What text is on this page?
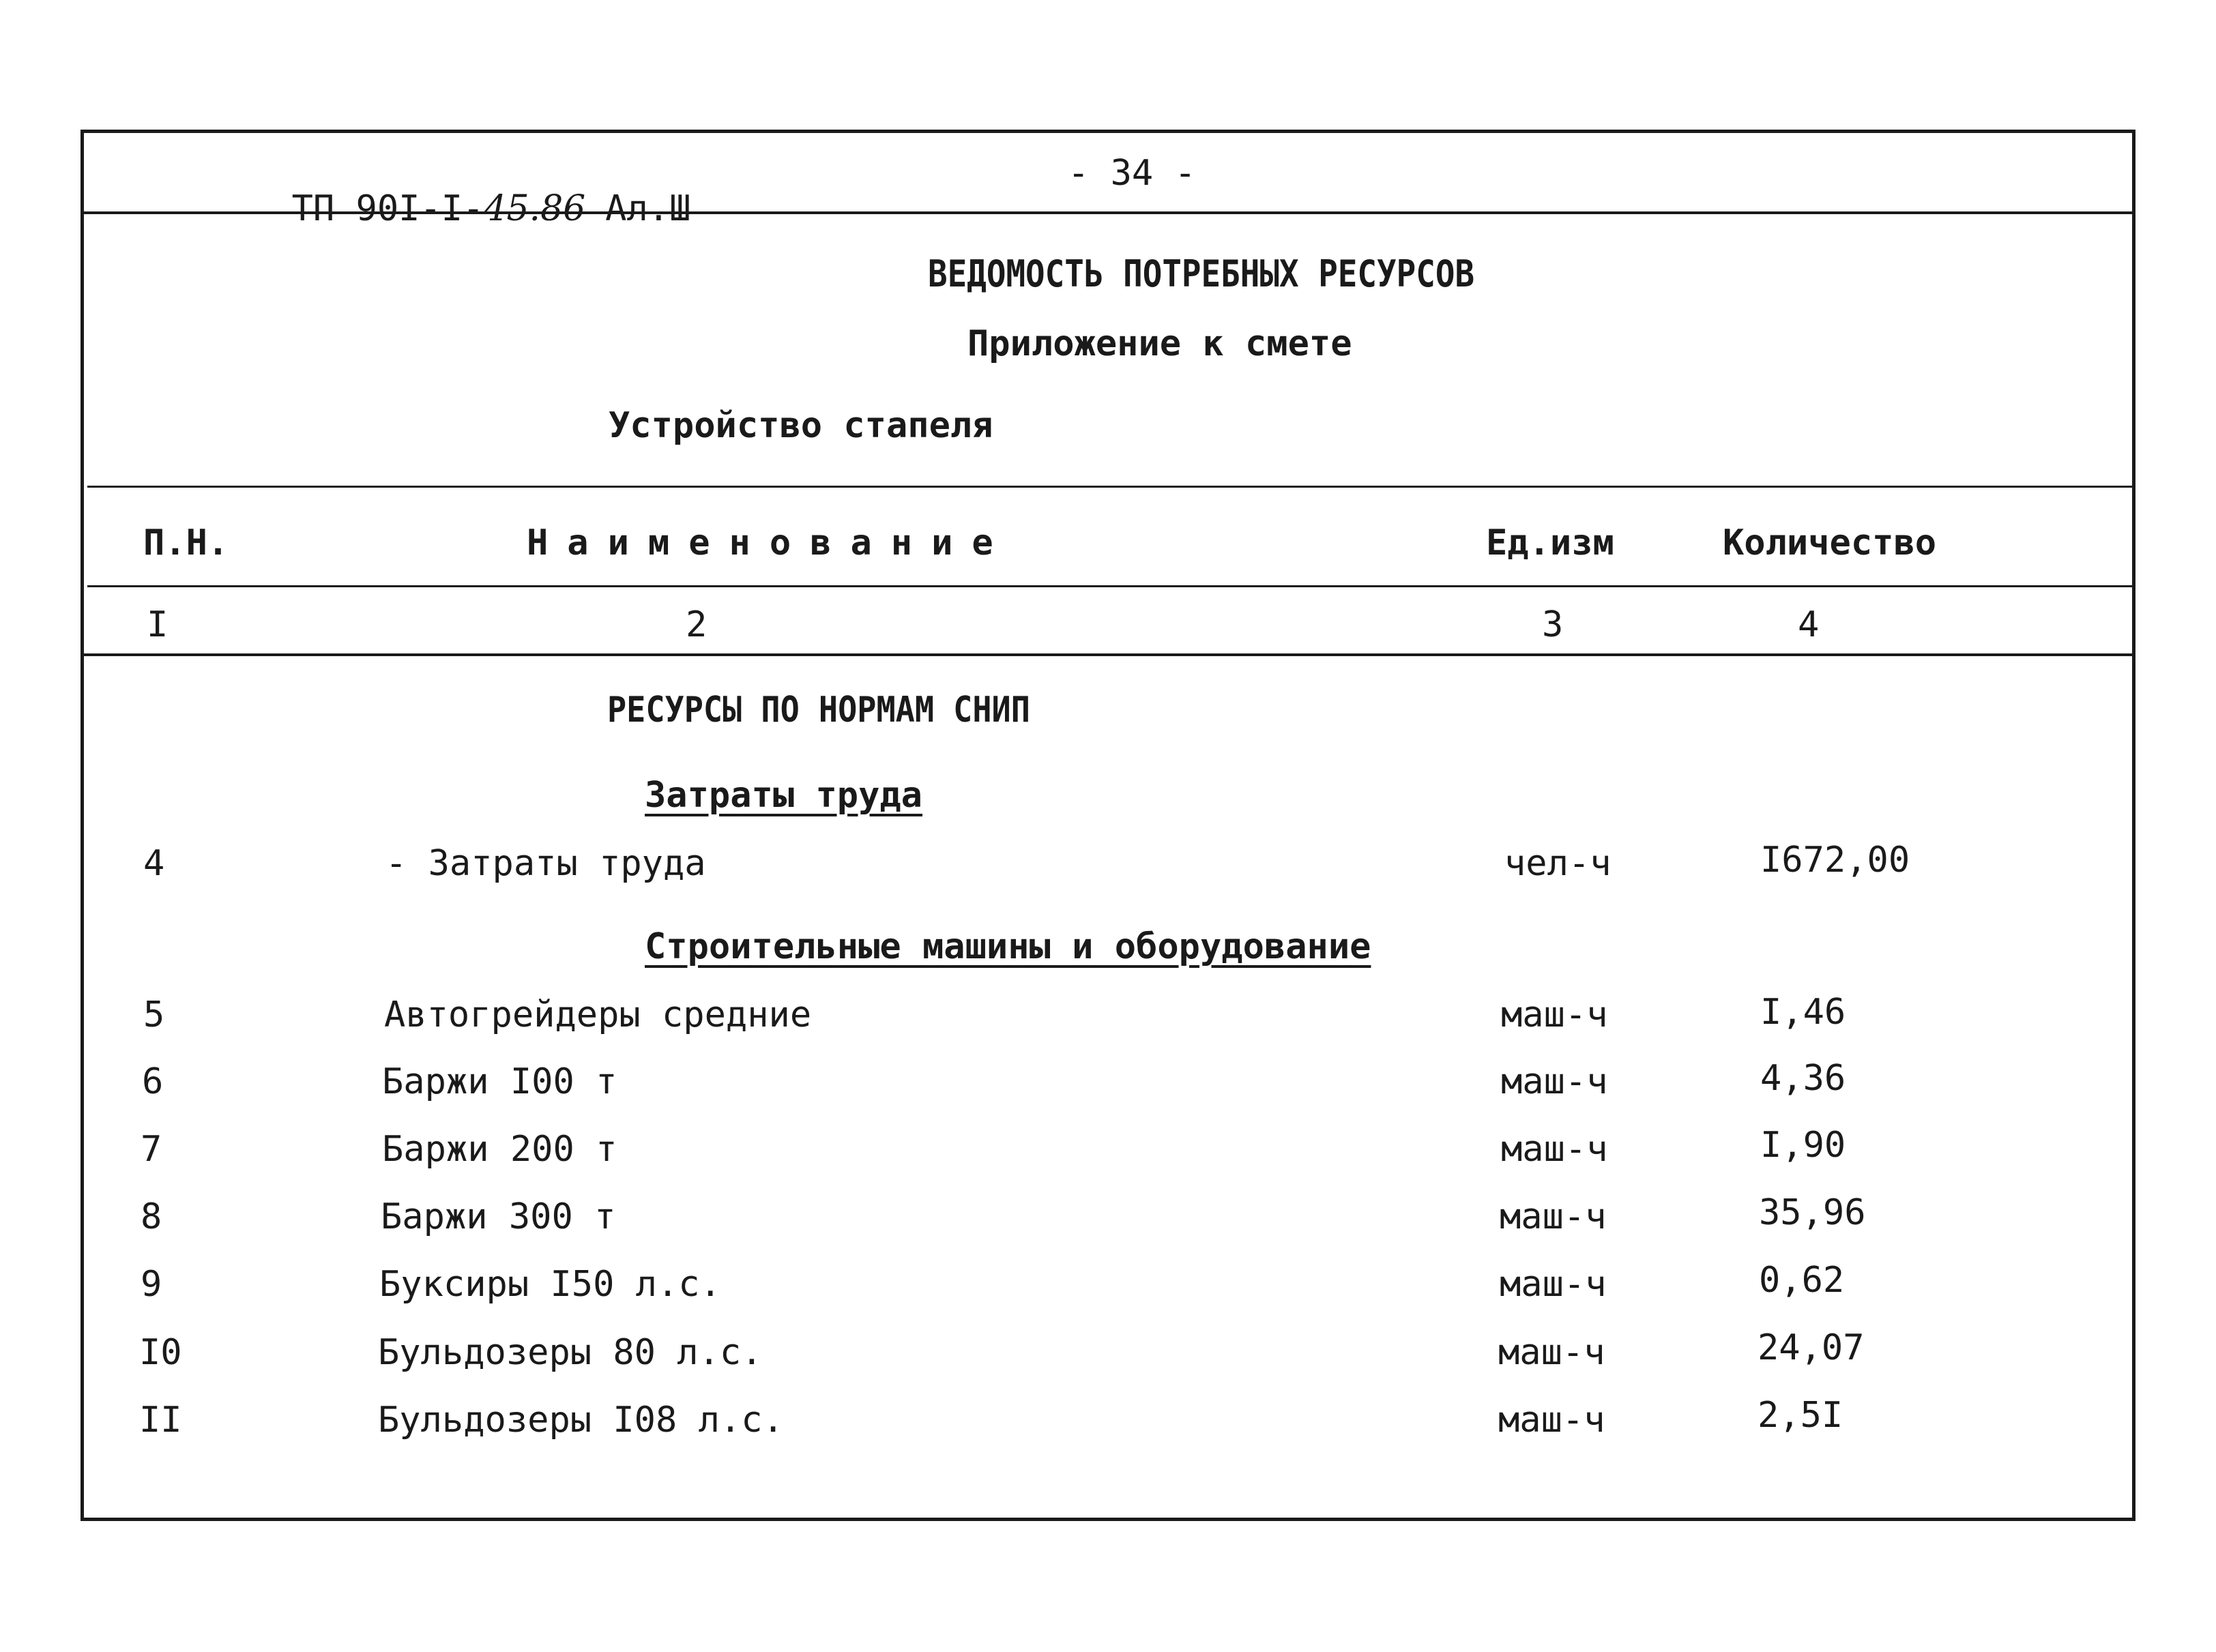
ТП 90I-I-45.86 Ал.Ш

- 34 -
ВЕДОМОСТЬ ПОТРЕБНЫХ РЕСУРСОВ
Приложение к смете
Устройство стапеля
П.Н.	Наименование	Ед.изм	Количество
I	2	3	4
РЕСУРСЫ ПО НОРМАМ СНИП
Затраты труда
4	- Затраты труда	чел-ч	I672,00
Строительные машины и оборудование
5	Автогрейдеры средние	маш-ч	I,46
6	Баржи I00 т	маш-ч	4,36
7	Баржи 200 т	маш-ч	I,90
8	Баржи 300 т	маш-ч	35,96
9	Буксиры I50 л.с.	маш-ч	0,62
I0	Бульдозеры 80 л.с.	маш-ч	24,07
II	Бульдозеры I08 л.с.	маш-ч	2,5I
